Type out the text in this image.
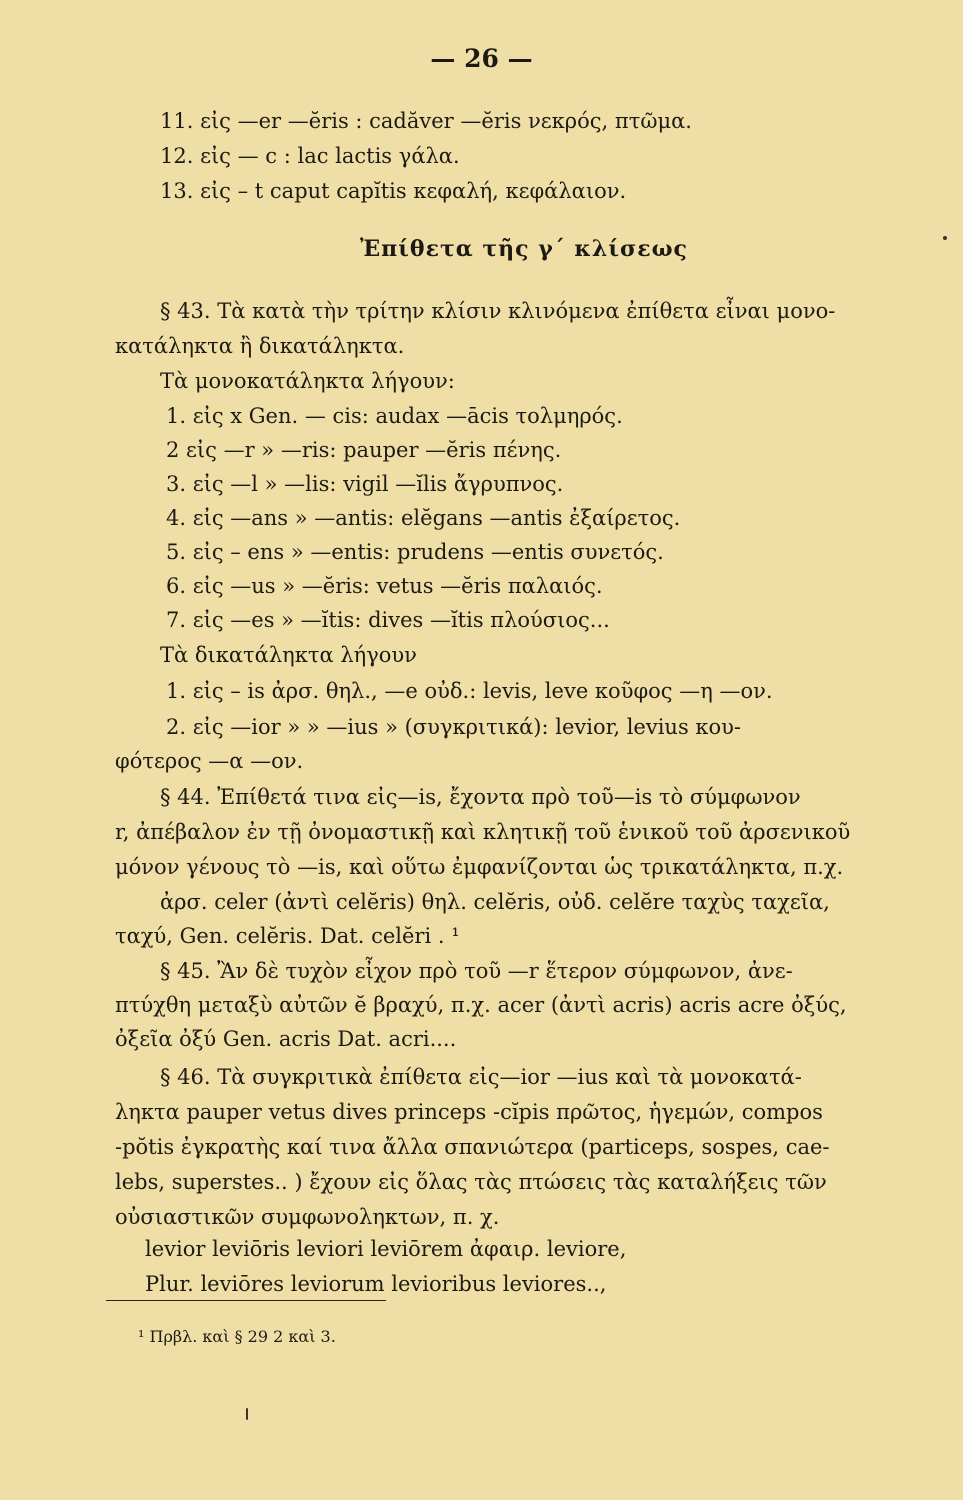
— 26 —
11. εἰς —er —ĕris : cadăver —ĕris νεκρός, πτῶμα.
12. εἰς — c : lac lactis γάλα.
13. εἰς – t caput capĭtis κεφαλή, κεφάλαιον.
Ἐπίθετα τῆς γ΄ κλίσεως
§ 43. Τὰ κατὰ τὴν τρίτην κλίσιν κλινόμενα ἐπίθετα εἶναι μονο-
κατάληκτα ἢ δικατάληκτα.
Τὰ μονοκατάληκτα λήγουν:
1. εἰς x Gen. — cis: audax —ācis τολμηρός.
2 εἰς —r » —ris: pauper —ĕris πένης.
3. εἰς —l » —lis: vigil —ĭlis ἄγρυπνος.
4. εἰς —ans » —antis: elĕgans —antis ἐξαίρετος.
5. εἰς – ens » —entis: prudens —entis συνετός.
6. εἰς —us » —ĕris: vetus —ĕris παλαιός.
7. εἰς —es » —ĭtis: dives —ĭtis πλούσιος...
Τὰ δικατάληκτα λήγουν
1. εἰς – is ἀρσ. θηλ., —e οὐδ.: levis, leve κοῦφος —η —ον.
2. εἰς —ior » » —ius » (συγκριτικά): levior, levius κου-
φότερος —α —ον.
§ 44. Ἐπίθετά τινα εἰς—is, ἔχοντα πρὸ τοῦ—is τὸ σύμφωνον
r, ἀπέβαλον ἐν τῇ ὀνομαστικῇ καὶ κλητικῇ τοῦ ἑνικοῦ τοῦ ἀρσενικοῦ
μόνον γένους τὸ —is, καὶ οὕτω ἐμφανίζονται ὡς τρικατάληκτα, π.χ.
ἀρσ. celer (ἀντὶ celĕris) θηλ. celĕris, οὐδ. celĕre ταχὺς ταχεῖα,
ταχύ, Gen. celĕris. Dat. celĕri . ¹
§ 45. Ἂν δὲ τυχὸν εἶχον πρὸ τοῦ —r ἕτερον σύμφωνον, ἀνε-
πτύχθη μεταξὺ αὐτῶν ĕ βραχύ, π.χ. acer (ἀντὶ acris) acris acre ὀξύς,
ὀξεῖα ὀξύ Gen. acris Dat. acri....
§ 46. Τὰ συγκριτικὰ ἐπίθετα εἰς—ior —ius καὶ τὰ μονοκατά-
ληκτα pauper vetus dives princeps -cĭpis πρῶτος, ἡγεμών, compos
-pŏtis ἐγκρατὴς καί τινα ἄλλα σπανιώτερα (particeps, sospes, cae-
lebs, superstes.. ) ἔχουν εἰς ὅλας τὰς πτώσεις τὰς καταλήξεις τῶν
οὐσιαστικῶν συμφωνοληκτων, π. χ.
levior leviōris leviori leviōrem ἀφαιρ. leviore,
Plur. leviōres leviorum levioribus leviores..,
¹ Πρβλ. καὶ § 29 2 καὶ 3.
